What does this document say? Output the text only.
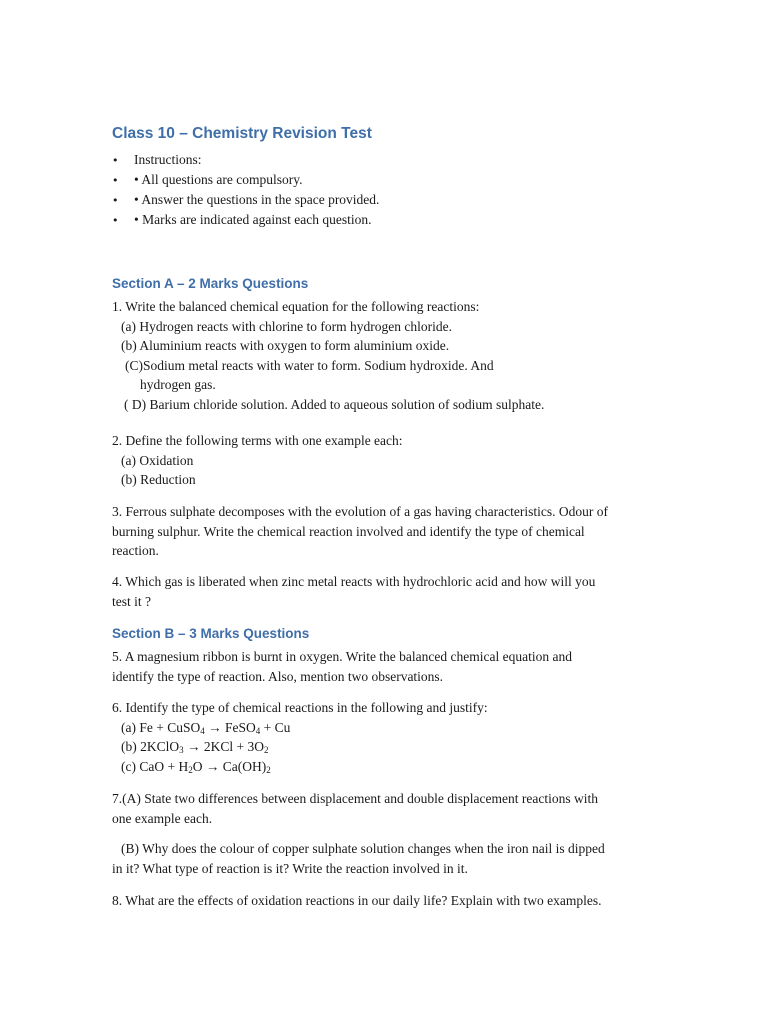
Class 10 – Chemistry Revision Test
• Instructions:
• • All questions are compulsory.
• • Answer the questions in the space provided.
• • Marks are indicated against each question.
Section A – 2 Marks Questions
1. Write the balanced chemical equation for the following reactions:
(a) Hydrogen reacts with chlorine to form hydrogen chloride.
(b) Aluminium reacts with oxygen to form aluminium oxide.
(C)Sodium metal reacts with water to form. Sodium hydroxide. And
hydrogen gas.
( D) Barium chloride solution. Added to aqueous solution of sodium sulphate.
2. Define the following terms with one example each:
(a) Oxidation
(b) Reduction
3. Ferrous sulphate decomposes with the evolution of a gas having characteristics. Odour of
burning sulphur. Write the chemical reaction involved and identify the type of chemical
reaction.
4. Which gas is liberated when zinc metal reacts with hydrochloric acid and how will you
test it ?
Section B – 3 Marks Questions
5. A magnesium ribbon is burnt in oxygen. Write the balanced chemical equation and
identify the type of reaction. Also, mention two observations.
6. Identify the type of chemical reactions in the following and justify:
(a) Fe + CuSO$_4$ → FeSO$_4$ + Cu
(b) 2KClO$_3$ → $2KCl + 3O_2$
(c) CaO + $H_2O \to Ca(OH)_2$
7.(A) State two differences between displacement and double displacement reactions with
one example each.
(B) Why does the colour of copper sulphate solution changes when the iron nail is dipped
in it? What type of reaction is it? Write the reaction involved in it.
8. What are the effects of oxidation reactions in our daily life? Explain with two examples.
